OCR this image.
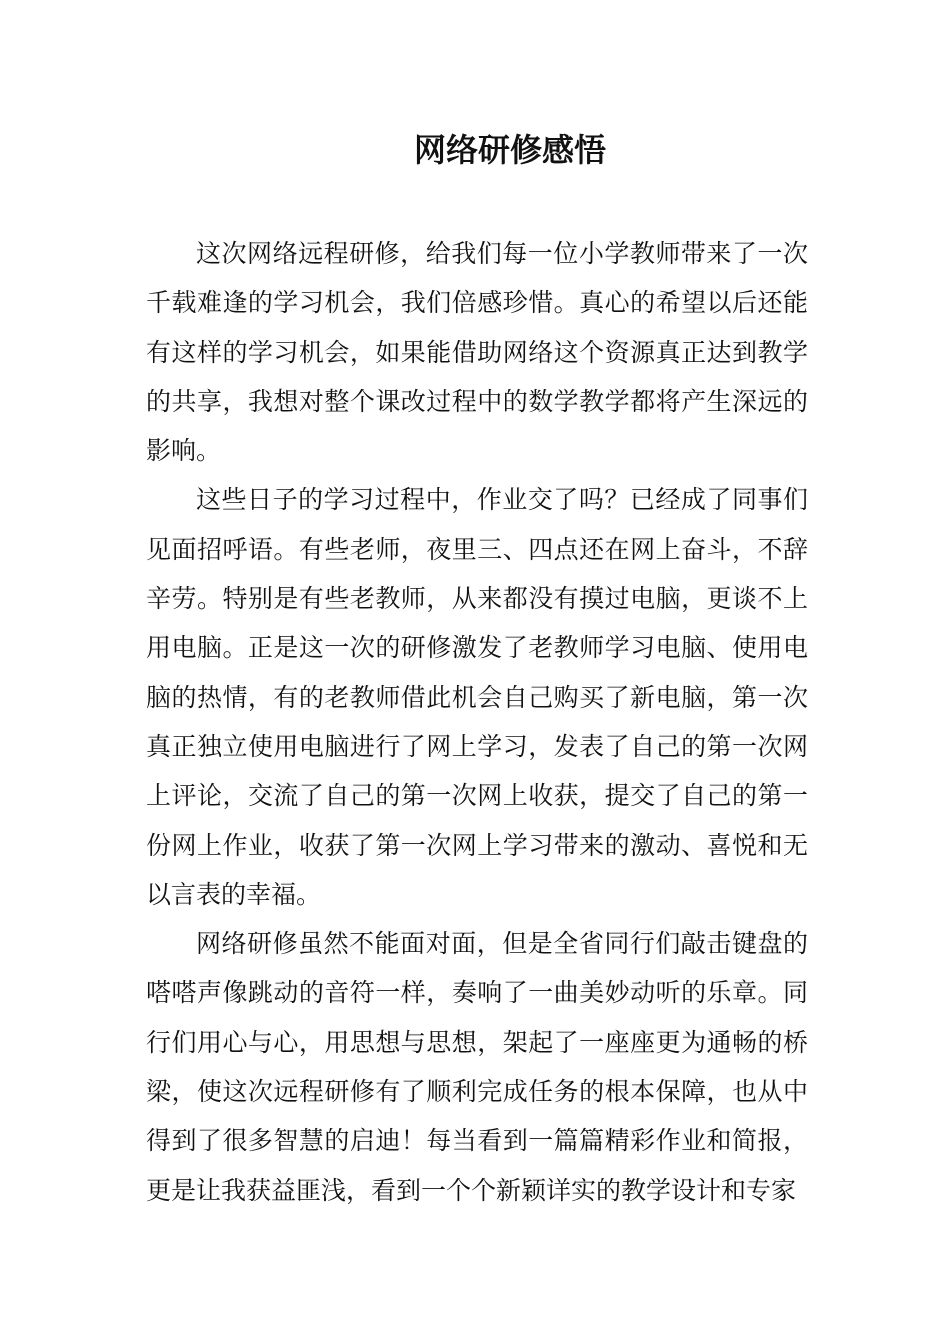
网络研修感悟

这次网络远程研修，给我们每一位小学教师带来了一次千载难逢的学习机会，我们倍感珍惜。真心的希望以后还能有这样的学习机会，如果能借助网络这个资源真正达到教学的共享，我想对整个课改过程中的数学教学都将产生深远的影响。

这些日子的学习过程中，作业交了吗？已经成了同事们见面招呼语。有些老师，夜里三、四点还在网上奋斗，不辞辛劳。特别是有些老教师，从来都没有摸过电脑，更谈不上用电脑。正是这一次的研修激发了老教师学习电脑、使用电脑的热情，有的老教师借此机会自己购买了新电脑，第一次真正独立使用电脑进行了网上学习，发表了自己的第一次网上评论，交流了自己的第一次网上收获，提交了自己的第一份网上作业，收获了第一次网上学习带来的激动、喜悦和无以言表的幸福。

网络研修虽然不能面对面，但是全省同行们敲击键盘的嗒嗒声像跳动的音符一样，奏响了一曲美妙动听的乐章。同行们用心与心，用思想与思想，架起了一座座更为通畅的桥梁，使这次远程研修有了顺利完成任务的根本保障，也从中得到了很多智慧的启迪！每当看到一篇篇精彩作业和简报，更是让我获益匪浅，看到一个个新颖详实的教学设计和专家
